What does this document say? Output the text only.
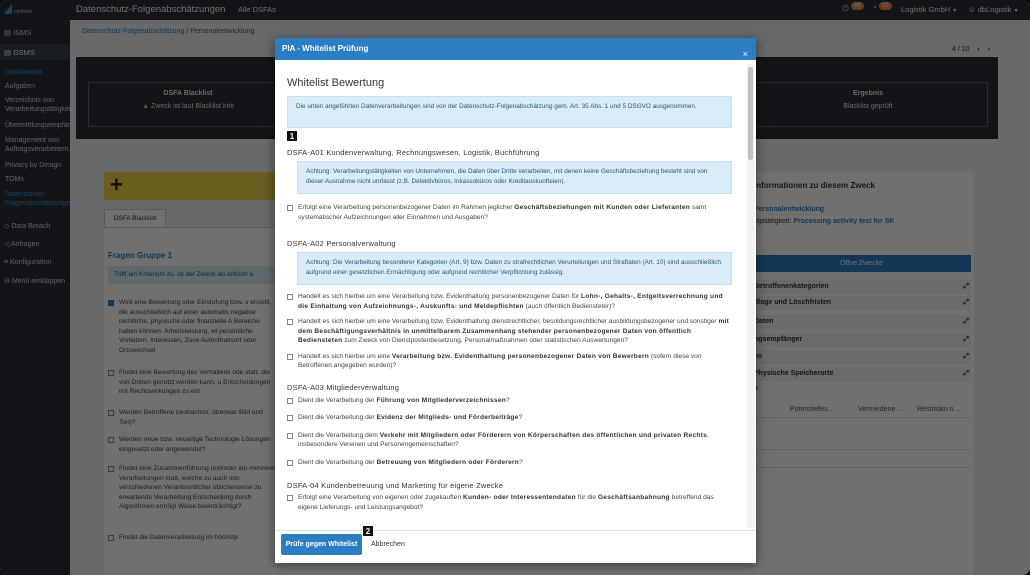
PIA - Whitelist Prüfung
×
Whitelist Bewertung
Die unten angeführten Datenverarbeitungen sind von der Datenschutz-Folgenabschätzung gem. Art. 35 Abs. 1 und 5 DSGVO ausgenommen.
1
DSFA-A01 Kundenverwaltung, Rechnungswesen, Logistik, Buchführung
Achtung: Verarbeitungstätigkeiten von Unternehmen, die Daten über Dritte verarbeiten, mit denen keine Geschäftsbeziehung besteht sind von dieser Ausnahme nicht umfasst (z.B. Detektivbüros, Inkassobüros oder Kreditauskunfteien).
Erfolgt eine Verarbeitung personenbezogener Daten im Rahmen jeglicher Geschäftsbeziehungen mit Kunden oder Lieferanten samt systematischer Aufzeichnungen aller Einnahmen und Ausgaben?
DSFA-A02 Personalverwaltung
Achtung: Die Verarbeitung besonderer Kategorien (Art. 9) bzw. Daten zu strafrechtlichen Verurteilungen und Straftaten (Art. 10) sind ausschließlich aufgrund einer gesetzlichen Ermächtigung oder aufgrund rechtlicher Verpflichtung zulässig.
Handelt es sich hierbei um eine Verarbeitung bzw. Evidenthaltung personenbezogener Daten für Lohn-, Gehalts-, Entgeltsverrechnung und die Einhaltung von Aufzeichnungs-, Auskunfts- und Meldepflichten (auch öffentlich Bediensteter)?
Handelt es sich hierbei um eine Verarbeitung bzw. Evidenthaltung dienstrechtlicher, besoldungsrechtlicher ausbildungsbezogener und sonstiger mit dem Beschäftigungsverhältnis in unmittelbarem Zusammenhang stehender personenbezogener Daten von öffentlich Bediensteten zum Zweck von Dienstpostenbesetzung, Personalmaßnahmen oder statistischen Auswertungen?
Handelt es sich hierbei um eine Verarbeitung bzw. Evidenthaltung personenbezogener Daten von Bewerbern (sofern diese von Betroffenen angegeben wurden)?
DSFA-A03 Mitgliederverwaltung
Dient die Verarbeitung der Führung von Mitgliederverzeichnissen?
Dient die Verarbeitung der Evidenz der Mitglieds- und Förderbeiträge?
Dient die Verarbeitung dem Verkehr mit Mitgliedern oder Förderern von Körperschaften des öffentlichen und privaten Rechts, insbesondere Vereinen und Personengemeinschaften?
Dient die Verarbeitung der Betreuung von Mitgliedern oder Förderern?
DSFA-04 Kundenbetreuung und Marketing für eigene Zwecke
Erfolgt eine Verarbeitung von eigenen oder zugekauften Kunden- oder Interessentendaten für die Geschäftsanbahnung betreffend das eigene Lieferungs- und Leistungsangebot?
Prüfe gegen Whitelist	Abbrechen
2
